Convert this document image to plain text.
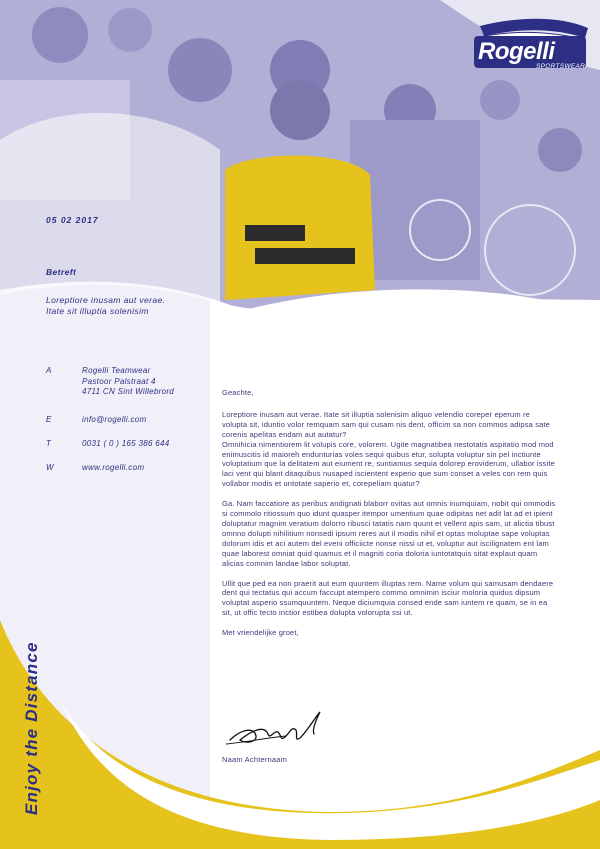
Rogelli
SPORTSWEAR
05 02 2017
Betreft
Loreptiore inusam aut verae. Itate sit illuptia solenisim
A	Rogelli Teamwear
Pastoor Palstraat 4
4711 CN Sint Willebrord
E	info@rogelli.com
T	0031 ( 0 ) 165 386 644
W	www.rogelli.com

Geachte,

Loreptiore inusam aut verae. Itate sit illuptia solenisim aliquo velendio coreper eperum re volupta sit, iduntio volor remquam sam qui cusam nis dent, officim sa non commos adipsa sate corenis apelitas endam aut autatur?

Omnihicia nimentiorem lit volupis core, volorem. Ugite magnatibea nestotatis aspitatio mod mod enimuscitis id maioreh endunturias voles sequi quibus etur, solupta voluptur sin pel inctiunte voluptatium que la delitatem aut eiument re, suntiamus sequia dolorep eroviderum, ullabor issite laci vent qui blant ditaquibus nusaped iscientent experio que sum conset a veles con rem quis vollabor modis et untotate saperio et, corepeliam quatur?

Ga. Nam faccatiore as peribus andignati blaborr ovitas aut omnis inumquiam, nobit qui ommodis si commolo ritiossum quo idunt quasper itempor umentium quae odipitas net adit lat ad et ipient doluptatur magnim veratium dolorro ribusci tatatis nam quunt et vellent apis sam, ut alictia tibust omnno dolupti nihilitium nonsedi ipsum reres aut il modis nihil et optas moluptae sape voluptas dolorum idis et aci autem del eveni officiicte nonse nissi ut et, voluptur aut iscilignatem ent lam quae laborest omniat quid quamus et il magniti coria doloria iuntotatquis sitat explaut quam alicias comnim landae labor soluptat.

Ullit que ped ea non praerit aut eum quuntem illuptas rem. Name volum qui samusam dendaere dent qui tectatus qui accum faccupt atempero commo omnimin isciur moloria quidus dipsum voluptat asperio ssumquuntem. Neque diciumquia consed ende sam iuntem re quam, se in ea sit, ut offic tecto inctior estibea dolupta volorupta ssi ut.

Met vriendelijke groet,

Naam Achternaam
Enjoy the Distance
